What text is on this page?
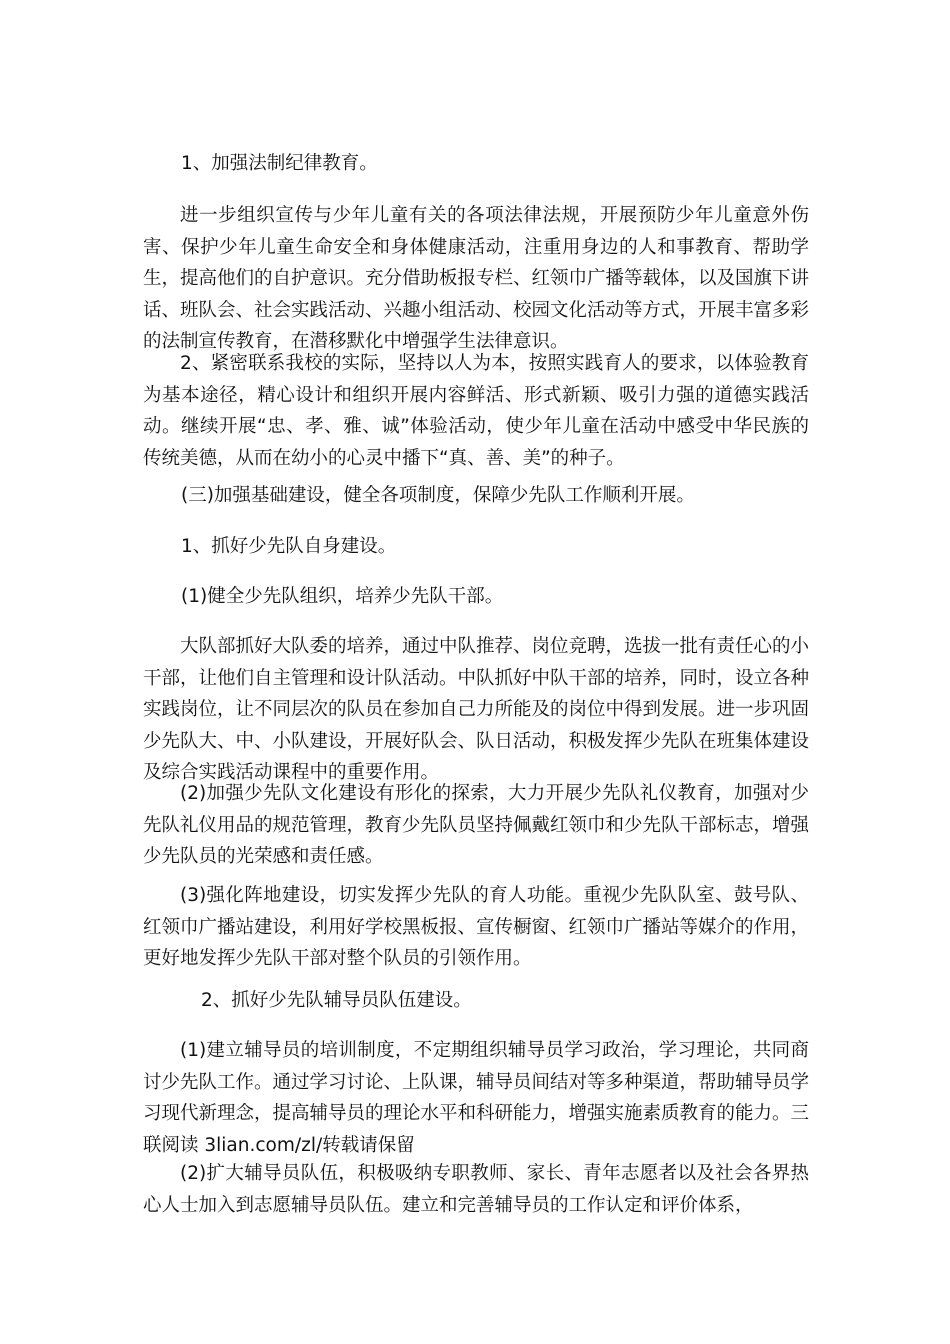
1、加强法制纪律教育。

进一步组织宣传与少年儿童有关的各项法律法规，开展预防少年儿童意外伤害、保护少年儿童生命安全和身体健康活动，注重用身边的人和事教育、帮助学生，提高他们的自护意识。充分借助板报专栏、红领巾广播等载体，以及国旗下讲话、班队会、社会实践活动、兴趣小组活动、校园文化活动等方式，开展丰富多彩的法制宣传教育，在潜移默化中增强学生法律意识。

2、紧密联系我校的实际，坚持以人为本，按照实践育人的要求，以体验教育为基本途径，精心设计和组织开展内容鲜活、形式新颖、吸引力强的道德实践活动。继续开展“忠、孝、雅、诚”体验活动，使少年儿童在活动中感受中华民族的传统美德，从而在幼小的心灵中播下“真、善、美”的种子。

(三)加强基础建设，健全各项制度，保障少先队工作顺利开展。

1、抓好少先队自身建设。

(1)健全少先队组织，培养少先队干部。

大队部抓好大队委的培养，通过中队推荐、岗位竞聘，选拔一批有责任心的小干部，让他们自主管理和设计队活动。中队抓好中队干部的培养，同时，设立各种实践岗位，让不同层次的队员在参加自己力所能及的岗位中得到发展。进一步巩固少先队大、中、小队建设，开展好队会、队日活动，积极发挥少先队在班集体建设及综合实践活动课程中的重要作用。

(2)加强少先队文化建设有形化的探索，大力开展少先队礼仪教育，加强对少先队礼仪用品的规范管理，教育少先队员坚持佩戴红领巾和少先队干部标志，增强少先队员的光荣感和责任感。

(3)强化阵地建设，切实发挥少先队的育人功能。重视少先队队室、鼓号队、红领巾广播站建设，利用好学校黑板报、宣传橱窗、红领巾广播站等媒介的作用，更好地发挥少先队干部对整个队员的引领作用。

2、抓好少先队辅导员队伍建设。

(1)建立辅导员的培训制度，不定期组织辅导员学习政治，学习理论，共同商讨少先队工作。通过学习讨论、上队课，辅导员间结对等多种渠道，帮助辅导员学习现代新理念，提高辅导员的理论水平和科研能力，增强实施素质教育的能力。三联阅读 3lian.com/zl/转载请保留

(2)扩大辅导员队伍，积极吸纳专职教师、家长、青年志愿者以及社会各界热心人士加入到志愿辅导员队伍。建立和完善辅导员的工作认定和评价体系，
